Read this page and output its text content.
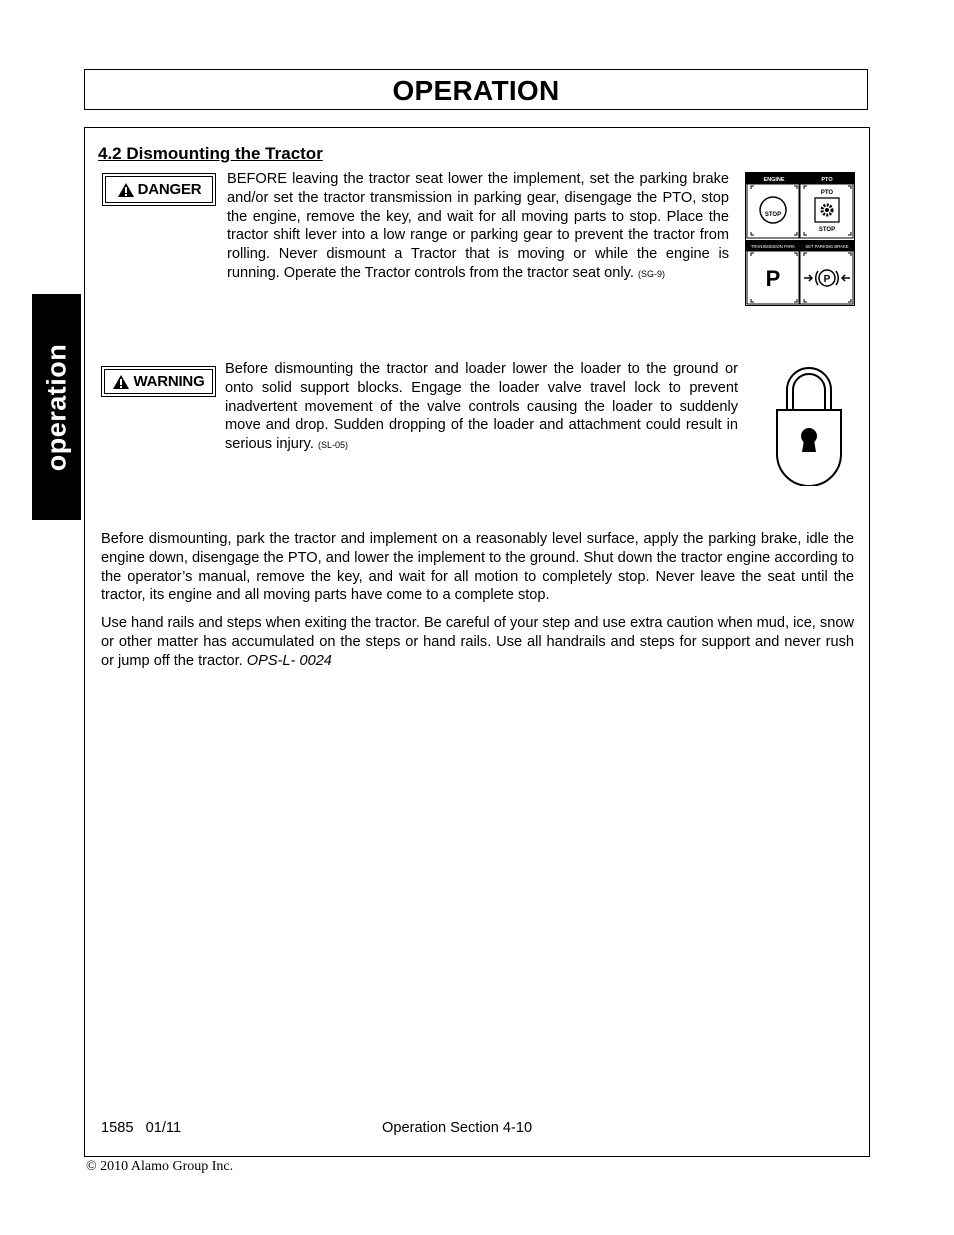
OPERATION
operation
4.2 Dismounting the Tractor
DANGER
BEFORE leaving the tractor seat lower the implement, set the parking brake and/or set the tractor transmission in parking gear, disengage the PTO, stop the engine, remove the key, and wait for all moving parts to stop. Place the tractor shift lever into a low range or parking gear to prevent the tractor from rolling. Never dismount a Tractor that is moving or while the engine is running. Operate the Tractor controls from the tractor seat only. (SG-9)
ENGINE	PTO
STOP
PTO
STOP
TRANSMISSION PARK SET PARKING BRAKE
P	P
WARNING
Before dismounting the tractor and loader lower the loader to the ground or onto solid support blocks. Engage the loader valve travel lock to prevent inadvertent movement of the valve controls causing the loader to suddenly move and drop. Sudden dropping of the loader and attachment could result in serious injury. (SL-05)
Before dismounting, park the tractor and implement on a reasonably level surface, apply the parking brake, idle the engine down, disengage the PTO, and lower the implement to the ground. Shut down the tractor engine according to the operator’s manual, remove the key, and wait for all motion to completely stop. Never leave the seat until the tractor, its engine and all moving parts have come to a complete stop.
Use hand rails and steps when exiting the tractor. Be careful of your step and use extra caution when mud, ice, snow or other matter has accumulated on the steps or hand rails. Use all handrails and steps for support and never rush or jump off the tractor. OPS-L- 0024
1585   01/11	Operation Section 4-10
© 2010 Alamo Group Inc.
